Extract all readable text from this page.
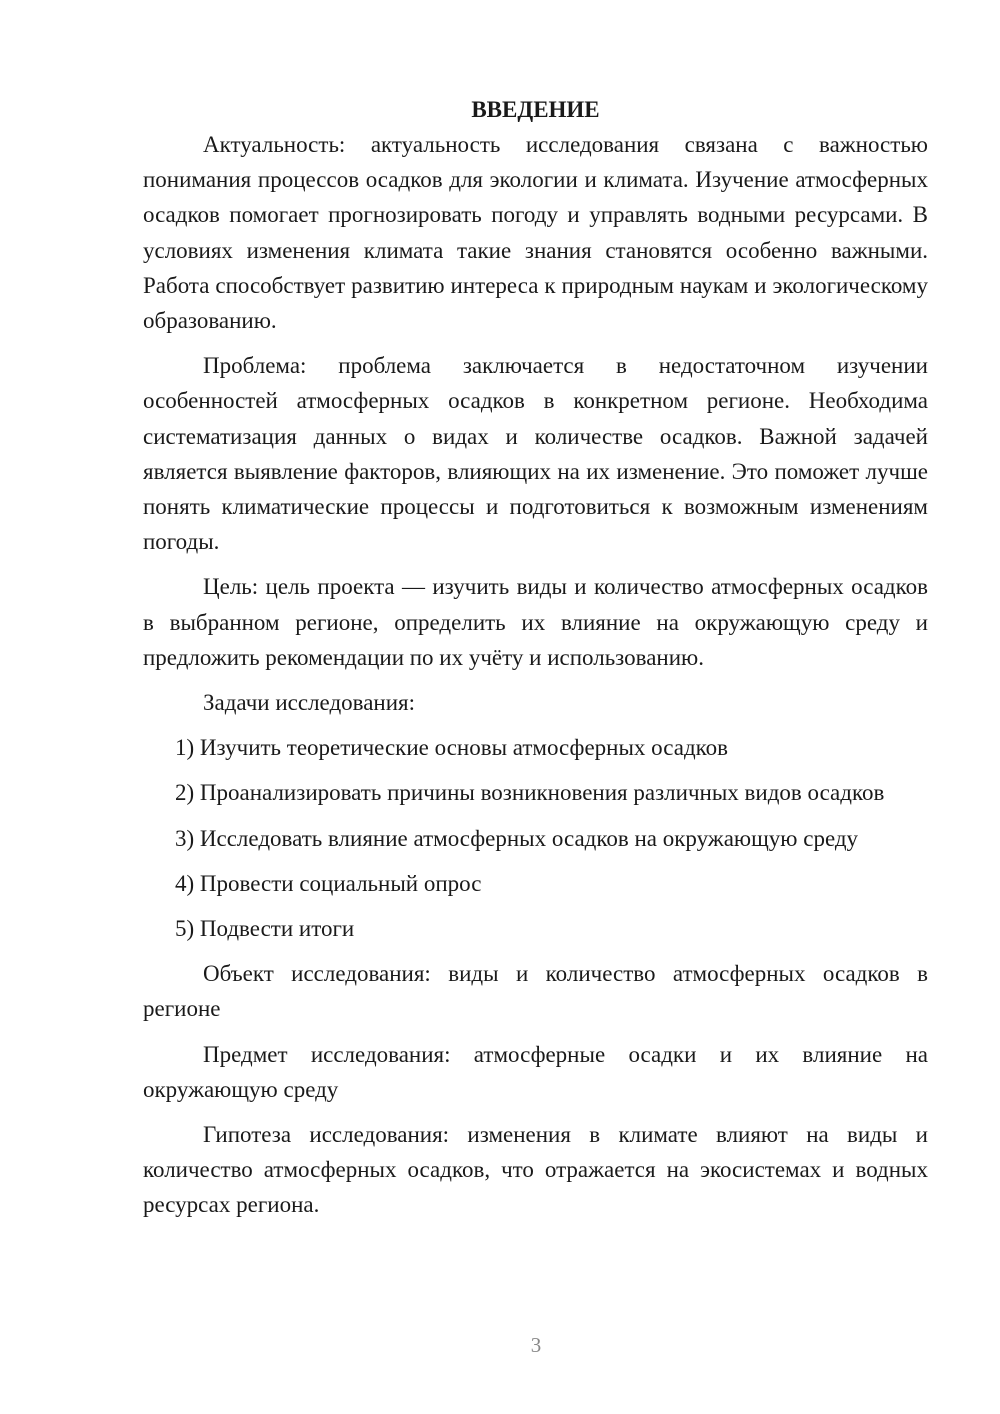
ВВЕДЕНИЕ

Актуальность: актуальность исследования связана с важностью понимания процессов осадков для экологии и климата. Изучение атмосферных осадков помогает прогнозировать погоду и управлять водными ресурсами. В условиях изменения климата такие знания становятся особенно важными. Работа способствует развитию интереса к природным наукам и экологическому образованию.

Проблема: проблема заключается в недостаточном изучении особенностей атмосферных осадков в конкретном регионе. Необходима систематизация данных о видах и количестве осадков. Важной задачей является выявление факторов, влияющих на их изменение. Это поможет лучше понять климатические процессы и подготовиться к возможным изменениям погоды.

Цель: цель проекта — изучить виды и количество атмосферных осадков в выбранном регионе, определить их влияние на окружающую среду и предложить рекомендации по их учёту и использованию.

Задачи исследования:

1) Изучить теоретические основы атмосферных осадков

2) Проанализировать причины возникновения различных видов осадков

3) Исследовать влияние атмосферных осадков на окружающую среду

4) Провести социальный опрос

5) Подвести итоги

Объект исследования: виды и количество атмосферных осадков в регионе

Предмет исследования: атмосферные осадки и их влияние на окружающую среду

Гипотеза исследования: изменения в климате влияют на виды и количество атмосферных осадков, что отражается на экосистемах и водных ресурсах региона.

3
